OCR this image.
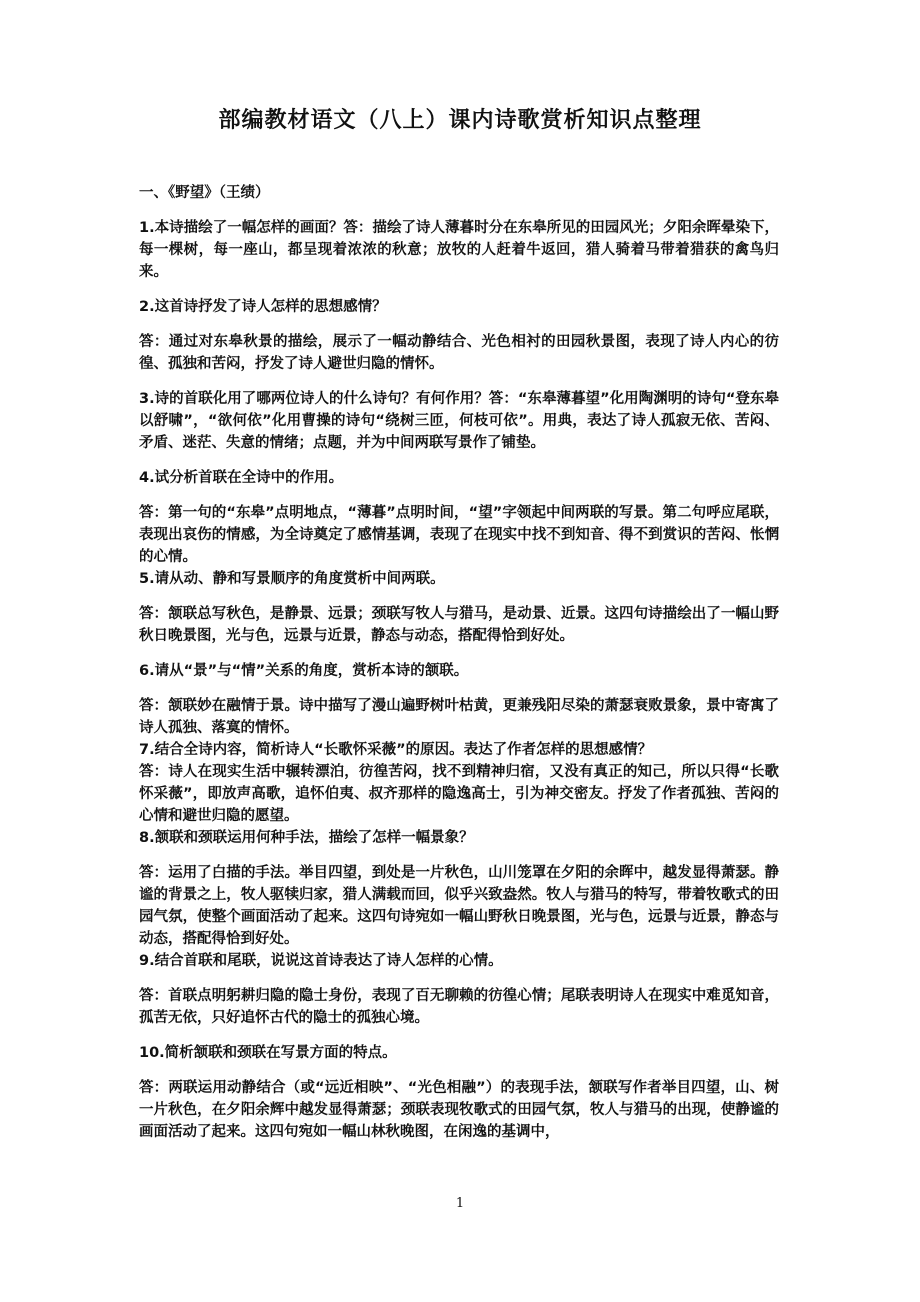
部编教材语文（八上）课内诗歌赏析知识点整理

一、《野望》（王绩）

1.本诗描绘了一幅怎样的画面？答：描绘了诗人薄暮时分在东皋所见的田园风光；夕阳余晖晕染下，每一棵树，每一座山，都呈现着浓浓的秋意；放牧的人赶着牛返回，猎人骑着马带着猎获的禽鸟归来。

2.这首诗抒发了诗人怎样的思想感情？

答：通过对东皋秋景的描绘，展示了一幅动静结合、光色相衬的田园秋景图，表现了诗人内心的彷徨、孤独和苦闷，抒发了诗人避世归隐的情怀。

3.诗的首联化用了哪两位诗人的什么诗句？有何作用？答：“东皋薄暮望”化用陶渊明的诗句“登东皋以舒啸”，“欲何依”化用曹操的诗句“绕树三匝，何枝可依”。用典，表达了诗人孤寂无依、苦闷、矛盾、迷茫、失意的情绪；点题，并为中间两联写景作了铺垫。

4.试分析首联在全诗中的作用。

答：第一句的“东皋”点明地点，“薄暮”点明时间，“望”字领起中间两联的写景。第二句呼应尾联，表现出哀伤的情感，为全诗奠定了感情基调，表现了在现实中找不到知音、得不到赏识的苦闷、怅惘的心情。

5.请从动、静和写景顺序的角度赏析中间两联。

答：颔联总写秋色，是静景、远景；颈联写牧人与猎马，是动景、近景。这四句诗描绘出了一幅山野秋日晚景图，光与色，远景与近景，静态与动态，搭配得恰到好处。

6.请从“景”与“情”关系的角度，赏析本诗的颔联。

答：颔联妙在融情于景。诗中描写了漫山遍野树叶枯黄，更兼残阳尽染的萧瑟衰败景象，景中寄寓了诗人孤独、落寞的情怀。

7.结合全诗内容，简析诗人“长歌怀采薇”的原因。表达了作者怎样的思想感情？

答：诗人在现实生活中辗转漂泊，彷徨苦闷，找不到精神归宿，又没有真正的知己，所以只得“长歌怀采薇”，即放声高歌，追怀伯夷、叔齐那样的隐逸高士，引为神交密友。抒发了作者孤独、苦闷的心情和避世归隐的愿望。

8.颔联和颈联运用何种手法，描绘了怎样一幅景象？

答：运用了白描的手法。举目四望，到处是一片秋色，山川笼罩在夕阳的余晖中，越发显得萧瑟。静谧的背景之上，牧人驱犊归家，猎人满载而回，似乎兴致盎然。牧人与猎马的特写，带着牧歌式的田园气氛，使整个画面活动了起来。这四句诗宛如一幅山野秋日晚景图，光与色，远景与近景，静态与动态，搭配得恰到好处。

9.结合首联和尾联，说说这首诗表达了诗人怎样的心情。

答：首联点明躬耕归隐的隐士身份，表现了百无聊赖的彷徨心情；尾联表明诗人在现实中难觅知音，孤苦无依，只好追怀古代的隐士的孤独心境。

10.简析颔联和颈联在写景方面的特点。

答：两联运用动静结合（或“远近相映”、“光色相融”）的表现手法，颔联写作者举目四望，山、树一片秋色，在夕阳余辉中越发显得萧瑟；颈联表现牧歌式的田园气氛，牧人与猎马的出现，使静谧的画面活动了起来。这四句宛如一幅山林秋晚图，在闲逸的基调中，

1
